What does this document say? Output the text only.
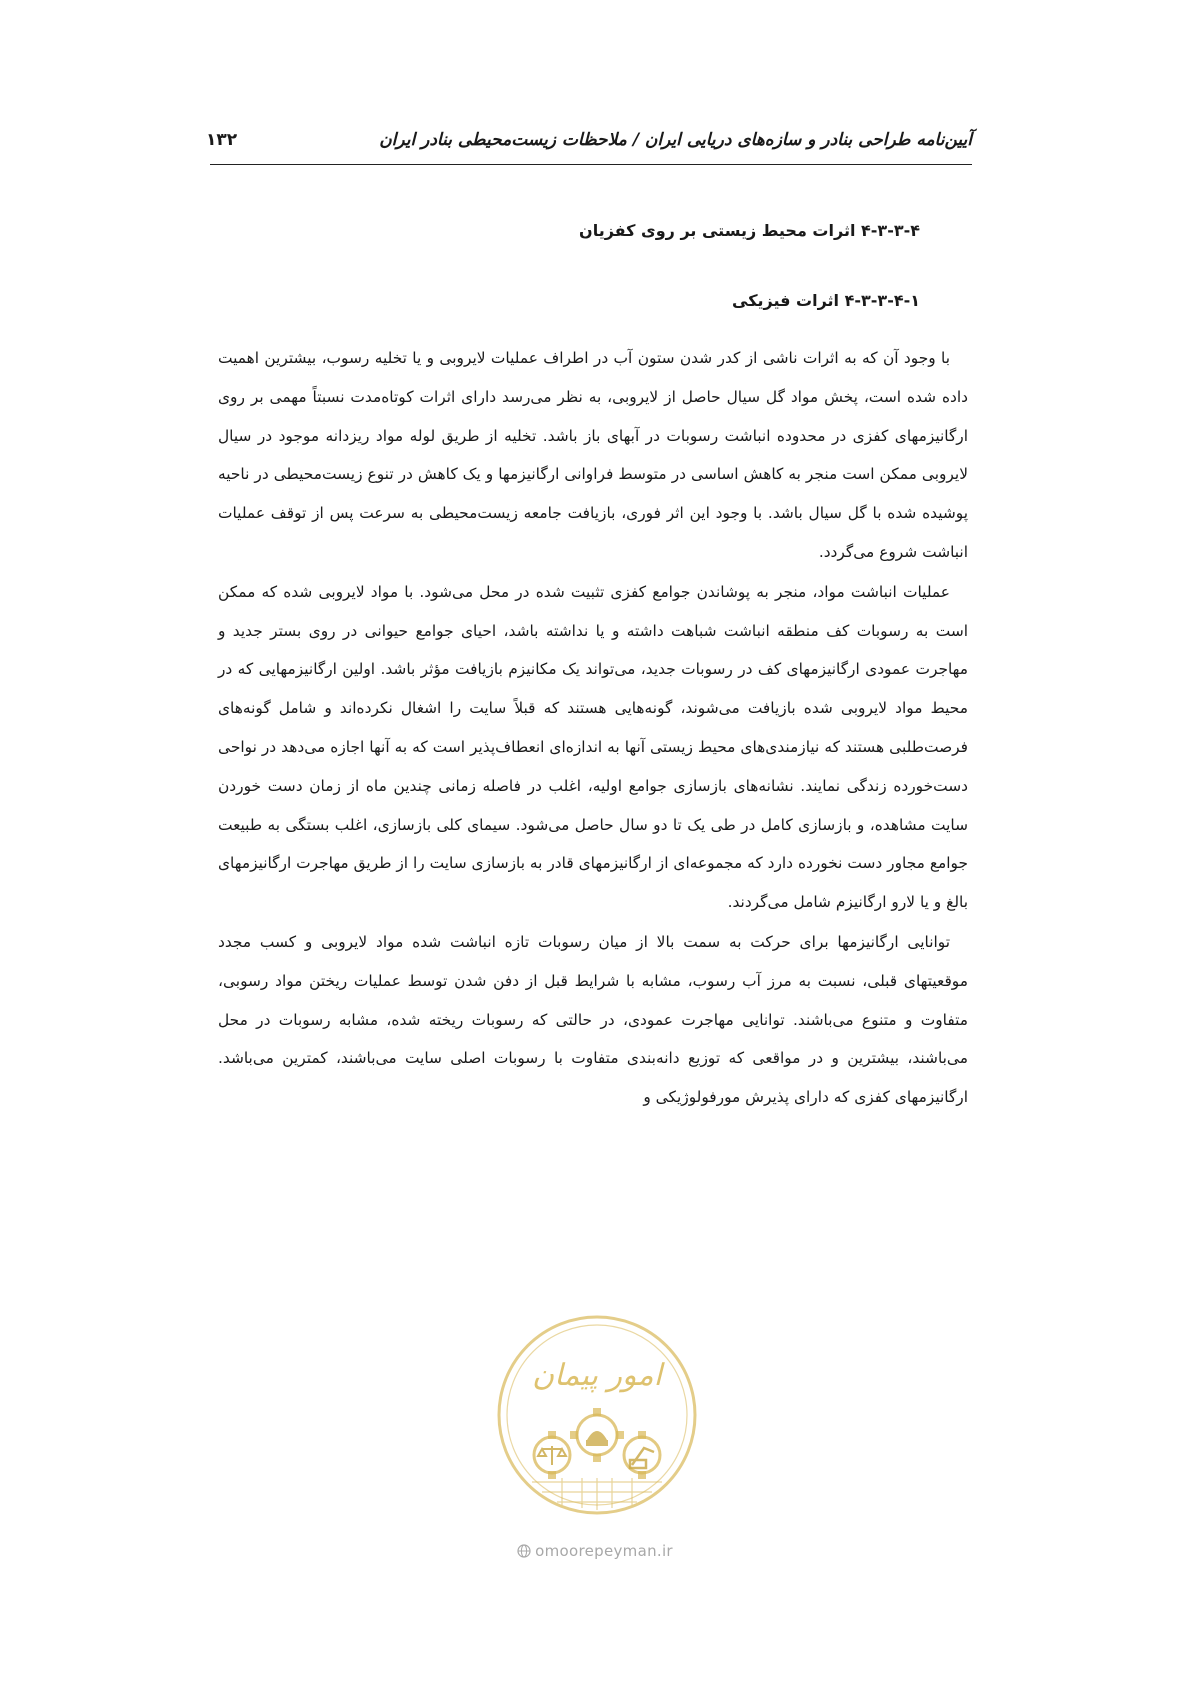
آیین‌نامه طراحی بنادر و سازه‌های دریایی ایران / ملاحظات زیست‌محیطی بنادر ایران
۱۳۲
۴-۳-۳-۴ اثرات محیط زیستی بر روی کفزیان
۴-۳-۳-۴-۱ اثرات فیزیکی

با وجود آن که به اثرات ناشی از کدر شدن ستون آب در اطراف عملیات لایروبی و یا تخلیه رسوب، بیشترین اهمیت داده شده است، پخش مواد گل سیال حاصل از لایروبی، به نظر می‌رسد دارای اثرات کوتاه‌مدت نسبتاً مهمی بر روی ارگانیزمهای کفزی در محدوده انباشت رسوبات در آبهای باز باشد. تخلیه از طریق لوله مواد ریزدانه موجود در سیال لایروبی ممکن است منجر به کاهش اساسی در متوسط فراوانی ارگانیزمها و یک کاهش در تنوع زیست‌محیطی در ناحیه پوشیده شده با گل سیال باشد. با وجود این اثر فوری، بازیافت جامعه زیست‌محیطی به سرعت پس از توقف عملیات انباشت شروع می‌گردد.

عملیات انباشت مواد، منجر به پوشاندن جوامع کفزی تثبیت شده در محل می‌شود. با مواد لایروبی شده که ممکن است به رسوبات کف منطقه انباشت شباهت داشته و یا نداشته باشد، احیای جوامع حیوانی در روی بستر جدید و مهاجرت عمودی ارگانیزمهای کف در رسوبات جدید، می‌تواند یک مکانیزم بازیافت مؤثر باشد. اولین ارگانیزمهایی که در محیط مواد لایروبی شده بازیافت می‌شوند، گونه‌هایی هستند که قبلاً سایت را اشغال نکرده‌اند و شامل گونه‌های فرصت‌طلبی هستند که نیازمندی‌های محیط زیستی آنها به اندازه‌ای انعطاف‌پذیر است که به آنها اجازه می‌دهد در نواحی دست‌خورده زندگی نمایند. نشانه‌های بازسازی جوامع اولیه، اغلب در فاصله زمانی چندین ماه از زمان دست خوردن سایت مشاهده، و بازسازی کامل در طی یک تا دو سال حاصل می‌شود. سیمای کلی بازسازی، اغلب بستگی به طبیعت جوامع مجاور دست نخورده دارد که مجموعه‌ای از ارگانیزمهای قادر به بازسازی سایت را از طریق مهاجرت ارگانیزمهای بالغ و یا لارو ارگانیزم شامل می‌گردند.

توانایی ارگانیزمها برای حرکت به سمت بالا از میان رسوبات تازه انباشت شده مواد لایروبی و کسب مجدد موقعیتهای قبلی، نسبت به مرز آب رسوب، مشابه با شرایط قبل از دفن شدن توسط عملیات ریختن مواد رسوبی، متفاوت و متنوع می‌باشند. توانایی مهاجرت عمودی، در حالتی که رسوبات ریخته شده، مشابه رسوبات در محل می‌باشند، بیشترین و در مواقعی که توزیع دانه‌بندی متفاوت با رسوبات اصلی سایت می‌باشند، کمترین می‌باشد. ارگانیزمهای کفزی که دارای پذیرش مورفولوژیکی و

امور پیمان
omoorepeyman.ir
